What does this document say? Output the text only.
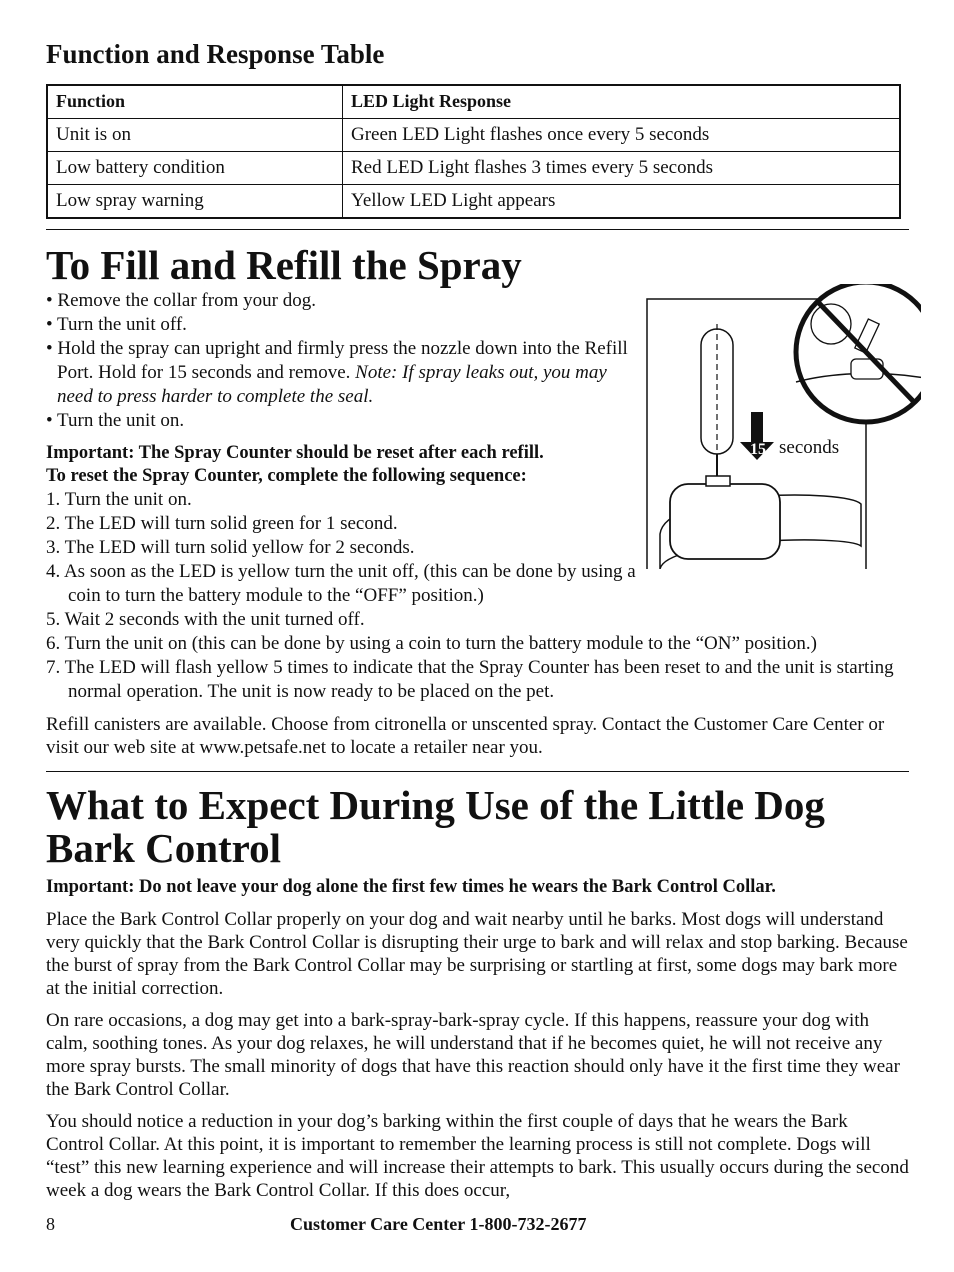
Function and Response Table
Function	LED Light Response
Unit is on	Green LED Light flashes once every 5 seconds
Low battery condition	Red LED Light flashes 3 times every 5 seconds
Low spray warning	Yellow LED Light appears
To Fill and Refill the Spray

• Remove the collar from your dog.

• Turn the unit off.

• Hold the spray can upright and firmly press the nozzle down into the Refill Port. Hold for 15 seconds and remove. Note: If spray leaks out, you may need to press harder to complete the seal.

• Turn the unit on.

Important: The Spray Counter should be reset after each refill.
To reset the Spray Counter, complete the following sequence:
1. Turn the unit on.
2. The LED will turn solid green for 1 second.
3. The LED will turn solid yellow for 2 seconds.
4. As soon as the LED is yellow turn the unit off, (this can be done by using a coin to turn the battery module to the “OFF” position.)
5. Wait 2 seconds with the unit turned off.
6. Turn the unit on (this can be done by using a coin to turn the battery module to the “ON” position.)
7. The LED will flash yellow 5 times to indicate that the Spray Counter has been reset to and the unit is starting normal operation. The unit is now ready to be placed on the pet.

Refill canisters are available. Choose from citronella or unscented spray. Contact the Customer Care Center or visit our web site at www.petsafe.net to locate a retailer near you.

15 seconds
What to Expect During Use of the Little Dog Bark Control

Important: Do not leave your dog alone the first few times he wears the Bark Control Collar.

Place the Bark Control Collar properly on your dog and wait nearby until he barks. Most dogs will understand very quickly that the Bark Control Collar is disrupting their urge to bark and will relax and stop barking. Because the burst of spray from the Bark Control Collar may be surprising or startling at first, some dogs may bark more at the initial correction.

On rare occasions, a dog may get into a bark-spray-bark-spray cycle. If this happens, reassure your dog with calm, soothing tones. As your dog relaxes, he will understand that if he becomes quiet, he will not receive any more spray bursts. The small minority of dogs that have this reaction should only have it the first time they wear the Bark Control Collar.

You should notice a reduction in your dog’s barking within the first couple of days that he wears the Bark Control Collar. At this point, it is important to remember the learning process is still not complete. Dogs will “test” this new learning experience and will increase their attempts to bark. This usually occurs during the second week a dog wears the Bark Control Collar. If this does occur,

8	Customer Care Center 1-800-732-2677
